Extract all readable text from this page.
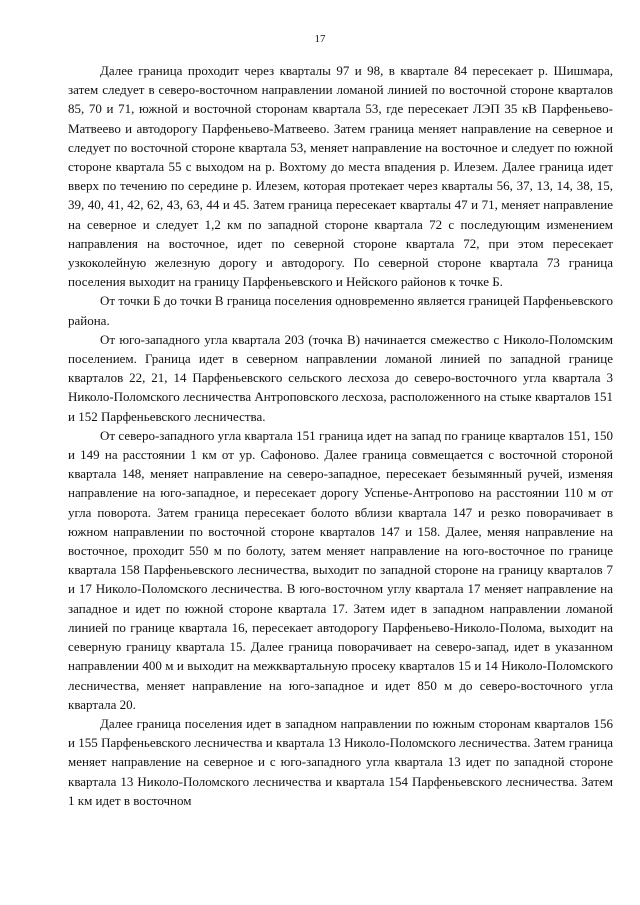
17

Далее граница проходит через кварталы 97 и 98, в квартале 84 пересекает р. Шишмара, затем следует в северо-восточном направлении ломаной линией по восточной стороне кварталов 85, 70 и 71, южной и восточной сторонам квартала 53, где пересекает ЛЭП 35 кВ Парфеньево-Матвеево и автодорогу Парфеньево-Матвеево. Затем граница меняет направление на северное и следует по восточной стороне квартала 53, меняет направление на восточное и следует по южной стороне квартала 55 с выходом на р. Вохтому до места впадения р. Илезем. Далее граница идет вверх по течению по середине р. Илезем, которая протекает через кварталы 56, 37, 13, 14, 38, 15, 39, 40, 41, 42, 62, 43, 63, 44 и 45. Затем граница пересекает кварталы 47 и 71, меняет направление на северное и следует 1,2 км по западной стороне квартала 72 с последующим изменением направления на восточное, идет по северной стороне квартала 72, при этом пересекает узкоколейную железную дорогу и автодорогу. По северной стороне квартала 73 граница поселения выходит на границу Парфеньевского и Нейского районов к точке Б.

От точки Б до точки В граница поселения одновременно является границей Парфеньевского района.

От юго-западного угла квартала 203 (точка В) начинается смежество с Николо-Поломским поселением. Граница идет в северном направлении ломаной линией по западной границе кварталов 22, 21, 14 Парфеньевского сельского лесхоза до северо-восточного угла квартала 3 Николо-Поломского лесничества Антроповского лесхоза, расположенного на стыке кварталов 151 и 152 Парфеньевского лесничества.

От северо-западного угла квартала 151 граница идет на запад по границе кварталов 151, 150 и 149 на расстоянии 1 км от ур. Сафоново. Далее граница совмещается с восточной стороной квартала 148, меняет направление на северо-западное, пересекает безымянный ручей, изменяя направление на юго-западное, и пересекает дорогу Успенье-Антропово на расстоянии 110 м от угла поворота. Затем граница пересекает болото вблизи квартала 147 и резко поворачивает в южном направлении по восточной стороне кварталов 147 и 158. Далее, меняя направление на восточное, проходит 550 м по болоту, затем меняет направление на юго-восточное по границе квартала 158 Парфеньевского лесничества, выходит по западной стороне на границу кварталов 7 и 17 Николо-Поломского лесничества. В юго-восточном углу квартала 17 меняет направление на западное и идет по южной стороне квартала 17. Затем идет в западном направлении ломаной линией по границе квартала 16, пересекает автодорогу Парфеньево-Николо-Полома, выходит на северную границу квартала 15. Далее граница поворачивает на северо-запад, идет в указанном направлении 400 м и выходит на межквартальную просеку кварталов 15 и 14 Николо-Поломского лесничества, меняет направление на юго-западное и идет 850 м до северо-восточного угла квартала 20.

Далее граница поселения идет в западном направлении по южным сторонам кварталов 156 и 155 Парфеньевского лесничества и квартала 13 Николо-Поломского лесничества. Затем граница меняет направление на северное и с юго-западного угла квартала 13 идет по западной стороне квартала 13 Николо-Поломского лесничества и квартала 154 Парфеньевского лесничества. Затем 1 км идет в восточном
